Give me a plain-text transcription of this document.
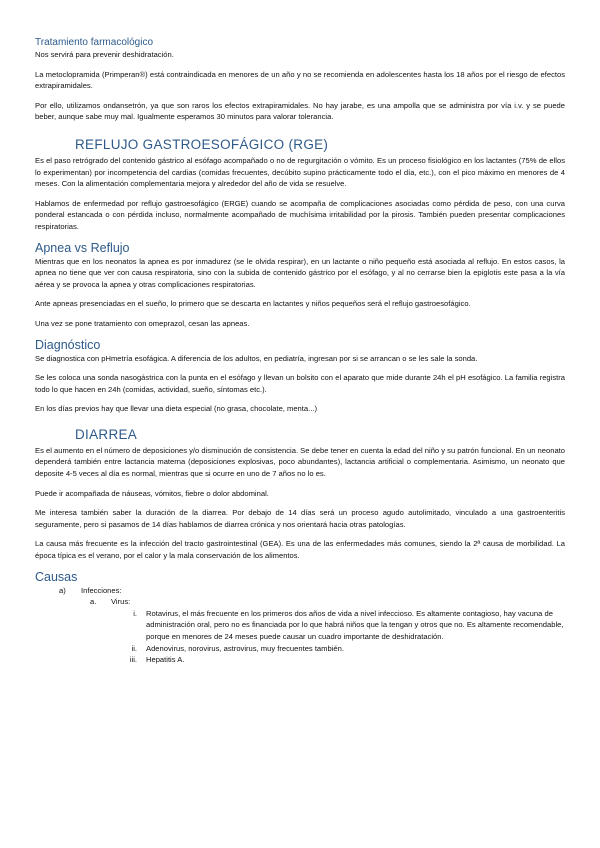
Tratamiento farmacológico

Nos servirá para prevenir deshidratación.

La metoclopramida (Primperan®) está contraindicada en menores de un año y no se recomienda en adolescentes hasta los 18 años por el riesgo de efectos extrapiramidales.

Por ello, utilizamos ondansetrón, ya que son raros los efectos extrapiramidales. No hay jarabe, es una ampolla que se administra por vía i.v. y se puede beber, aunque sabe muy mal. Igualmente esperamos 30 minutos para valorar tolerancia.

REFLUJO GASTROESOFÁGICO (RGE)

Es el paso retrógrado del contenido gástrico al esófago acompañado o no de regurgitación o vómito. Es un proceso fisiológico en los lactantes (75% de ellos lo experimentan) por incompetencia del cardias (comidas frecuentes, decúbito supino prácticamente todo el día, etc.), con el pico máximo en menores de 4 meses. Con la alimentación complementaria mejora y alrededor del año de vida se resuelve.

Hablamos de enfermedad por reflujo gastroesofágico (ERGE) cuando se acompaña de complicaciones asociadas como pérdida de peso, con una curva ponderal estancada o con pérdida incluso, normalmente acompañado de muchísima irritabilidad por la pirosis. También pueden presentar complicaciones respiratorias.

Apnea vs Reflujo

Mientras que en los neonatos la apnea es por inmadurez (se le olvida respirar), en un lactante o niño pequeño está asociada al reflujo. En estos casos, la apnea no tiene que ver con causa respiratoria, sino con la subida de contenido gástrico por el esófago, y al no cerrarse bien la epiglotis este pasa a la vía aérea y se provoca la apnea y otras complicaciones respiratorias.

Ante apneas presenciadas en el sueño, lo primero que se descarta en lactantes y niños pequeños será el reflujo gastroesofágico.

Una vez se pone tratamiento con omeprazol, cesan las apneas.

Diagnóstico

Se diagnostica con pHmetría esofágica. A diferencia de los adultos, en pediatría, ingresan por si se arrancan o se les sale la sonda.

Se les coloca una sonda nasogástrica con la punta en el esófago y llevan un bolsito con el aparato que mide durante 24h el pH esofágico. La familia registra todo lo que hacen en 24h (comidas, actividad, sueño, síntomas etc.).

En los días previos hay que llevar una dieta especial (no grasa, chocolate, menta...)

DIARREA

Es el aumento en el número de deposiciones y/o disminución de consistencia. Se debe tener en cuenta la edad del niño y su patrón funcional. En un neonato dependerá también entre lactancia materna (deposiciones explosivas, poco abundantes), lactancia artificial o complementaria. Asimismo, un neonato que deposite 4-5 veces al día es normal, mientras que si ocurre en uno de 7 años no lo es.

Puede ir acompañada de náuseas, vómitos, fiebre o dolor abdominal.

Me interesa también saber la duración de la diarrea. Por debajo de 14 días será un proceso agudo autolimitado, vinculado a una gastroenteritis seguramente, pero si pasamos de 14 días hablamos de diarrea crónica y nos orientará hacia otras patologías.

La causa más frecuente es la infección del tracto gastrointestinal (GEA). Es una de las enfermedades más comunes, siendo la 2ª causa de morbilidad. La época típica es el verano, por el calor y la mala conservación de los alimentos.

Causas
a) Infecciones:
a. Virus:
i. Rotavirus, el más frecuente en los primeros dos años de vida a nivel infeccioso. Es altamente contagioso, hay vacuna de administración oral, pero no es financiada por lo que habrá niños que la tengan y otros que no. Es altamente recomendable, porque en menores de 24 meses puede causar un cuadro importante de deshidratación.
ii. Adenovirus, norovirus, astrovirus, muy frecuentes también.
iii. Hepatitis A.
